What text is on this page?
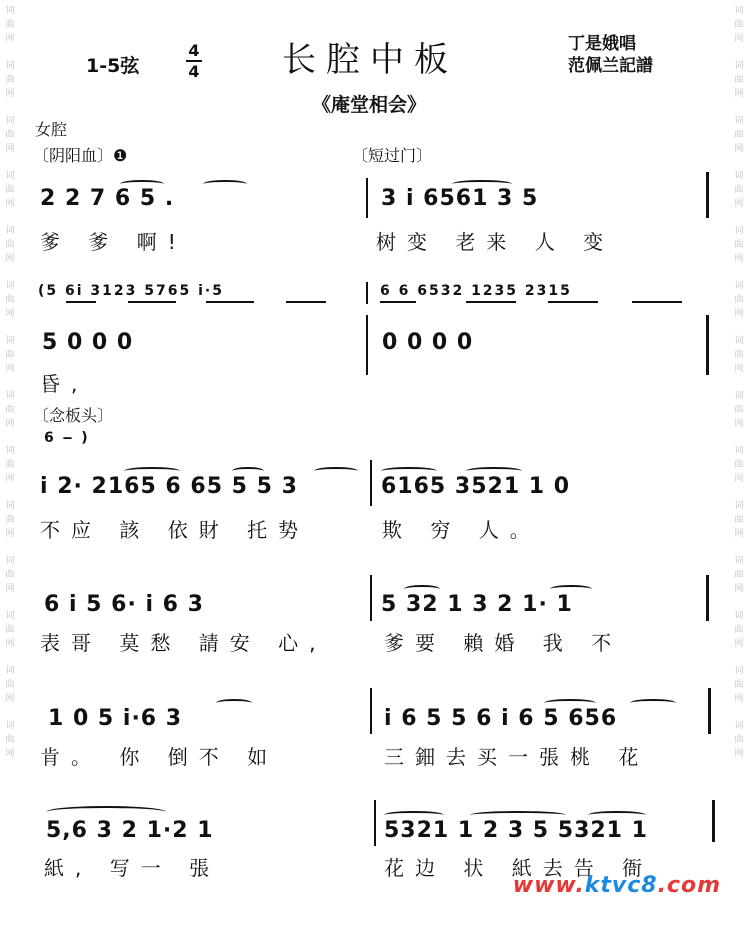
词
曲
网
词
曲
网
词
曲
网
词
曲
网
词
曲
网
词
曲
网
词
曲
网
词
曲
网
词
曲
网
词
曲
网
词
曲
网
词
曲
网
词
曲
网
词
曲
网
词
曲
网
词
曲
网
词
曲
网
词
曲
网
词
曲
网
词
曲
网
词
曲
网
词
曲
网
词
曲
网
词
曲
网
词
曲
网
词
曲
网
词
曲
网
词
曲
网
1-5弦
4
4 长腔中板	丁是娥唱
范佩兰記譜
《庵堂相会》
女腔
〔阴阳血〕❶	〔短过门〕
2 2 7 6 5 .	3 i 6561 3 5
爹 爹 啊!	树变 老来 人 变
(5 6i 3123 5765 i·5	6 6 6532 1235 2315
5 0 0 0	0 0 0 0
昏,
〔念板头〕
6 ‒ )
i 2· 2165 6 65 5 5 3	6165 3521 1 0
不应 該 依財 托势	欺 穷 人。
6 i 5 6· i 6 3	5 32 1 3 2 1· 1
表哥 莫愁 請安 心,	爹要 賴婚 我 不
1 0 5 i·6 3	i 6 5 5 6 i 6 5 656
肯。 你 倒不 如	三鈿去买一張桃 花
5,6 3 2 1·2 1	5321 1 2 3 5 5321 1
紙, 写一 張	花边 状 紙去告 衙
www.ktvc8.com
